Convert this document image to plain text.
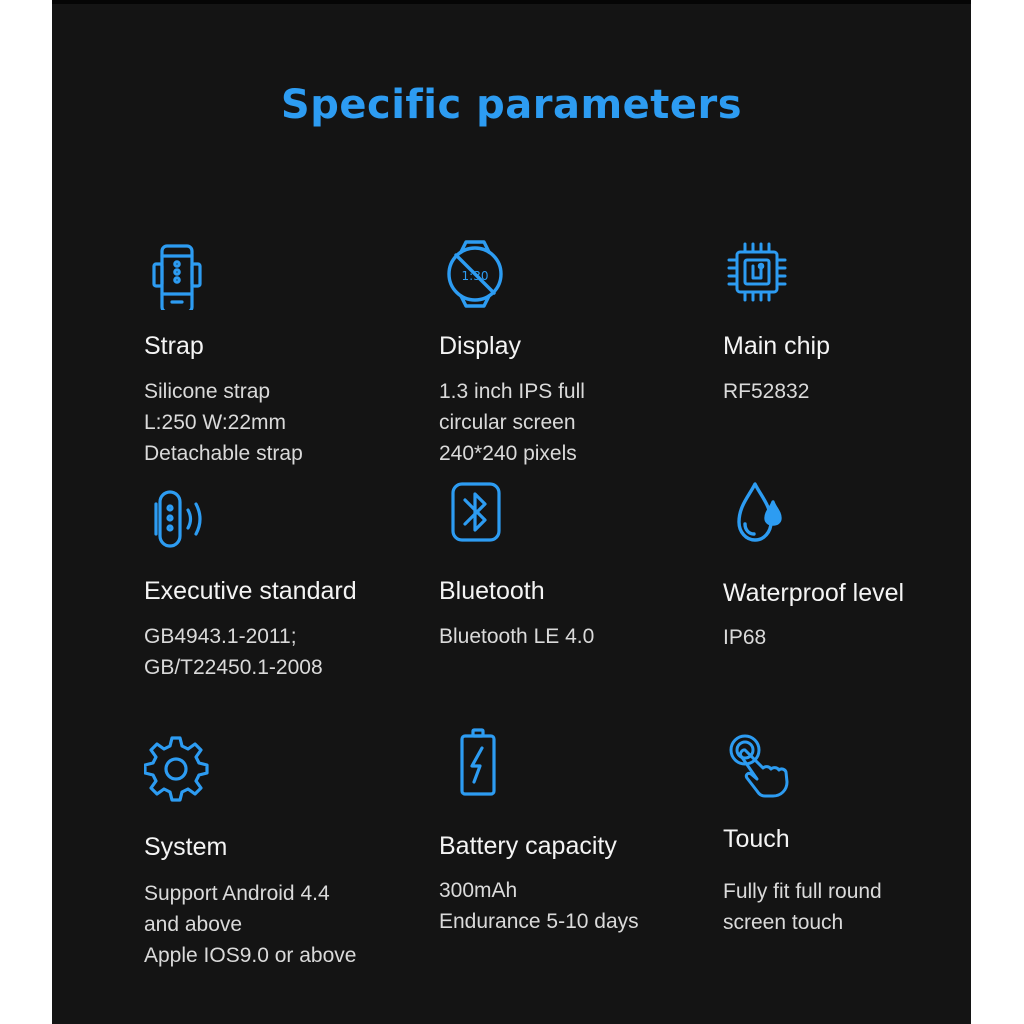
Specific parameters
Strap
Silicone strap
L:250 W:22mm
Detachable strap
1:30
Display
1.3 inch IPS full
circular screen
240*240 pixels
Main chip
RF52832
Executive standard
GB4943.1-2011;
GB/T22450.1-2008
Bluetooth
Bluetooth LE 4.0
Waterproof level
IP68
System
Support Android 4.4
and above
Apple IOS9.0 or above
Battery capacity
300mAh
Endurance 5-10 days
Touch
Fully fit full round
screen touch
